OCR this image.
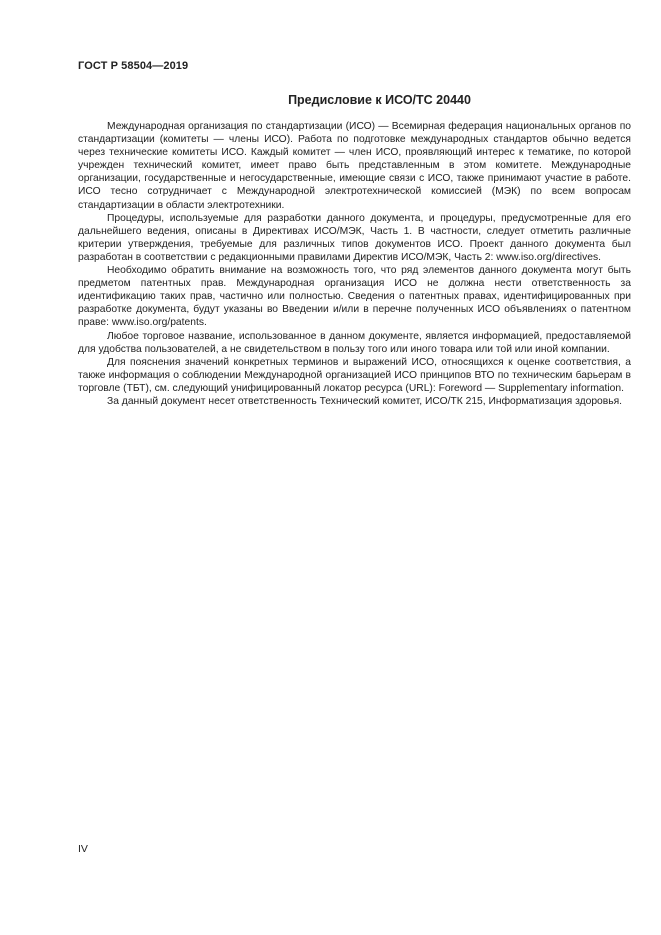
ГОСТ Р 58504—2019
Предисловие к ИСО/ТС 20440

Международная организация по стандартизации (ИСО) — Всемирная федерация национальных органов по стандартизации (комитеты — члены ИСО). Работа по подготовке международных стандартов обычно ведется через технические комитеты ИСО. Каждый комитет — член ИСО, проявляющий интерес к тематике, по которой учрежден технический комитет, имеет право быть представленным в этом комитете. Международные организации, государственные и негосударственные, имеющие связи с ИСО, также принимают участие в работе. ИСО тесно сотрудничает с Международной электротехнической комиссией (МЭК) по всем вопросам стандартизации в области электротехники.

Процедуры, используемые для разработки данного документа, и процедуры, предусмотренные для его дальнейшего ведения, описаны в Директивах ИСО/МЭК, Часть 1. В частности, следует отметить различные критерии утверждения, требуемые для различных типов документов ИСО. Проект данного документа был разработан в соответствии с редакционными правилами Директив ИСО/МЭК, Часть 2: www.iso.org/directives.

Необходимо обратить внимание на возможность того, что ряд элементов данного документа могут быть предметом патентных прав. Международная организация ИСО не должна нести ответственность за идентификацию таких прав, частично или полностью. Сведения о патентных правах, идентифицированных при разработке документа, будут указаны во Введении и/или в перечне полученных ИСО объявлениях о патентном праве: www.iso.org/patents.

Любое торговое название, использованное в данном документе, является информацией, предоставляемой для удобства пользователей, а не свидетельством в пользу того или иного товара или той или иной компании.

Для пояснения значений конкретных терминов и выражений ИСО, относящихся к оценке соответствия, а также информация о соблюдении Международной организацией ИСО принципов ВТО по техническим барьерам в торговле (ТБТ), см. следующий унифицированный локатор ресурса (URL): Foreword — Supplementary information.

За данный документ несет ответственность Технический комитет, ИСО/ТК 215, Информатизация здоровья.

IV
